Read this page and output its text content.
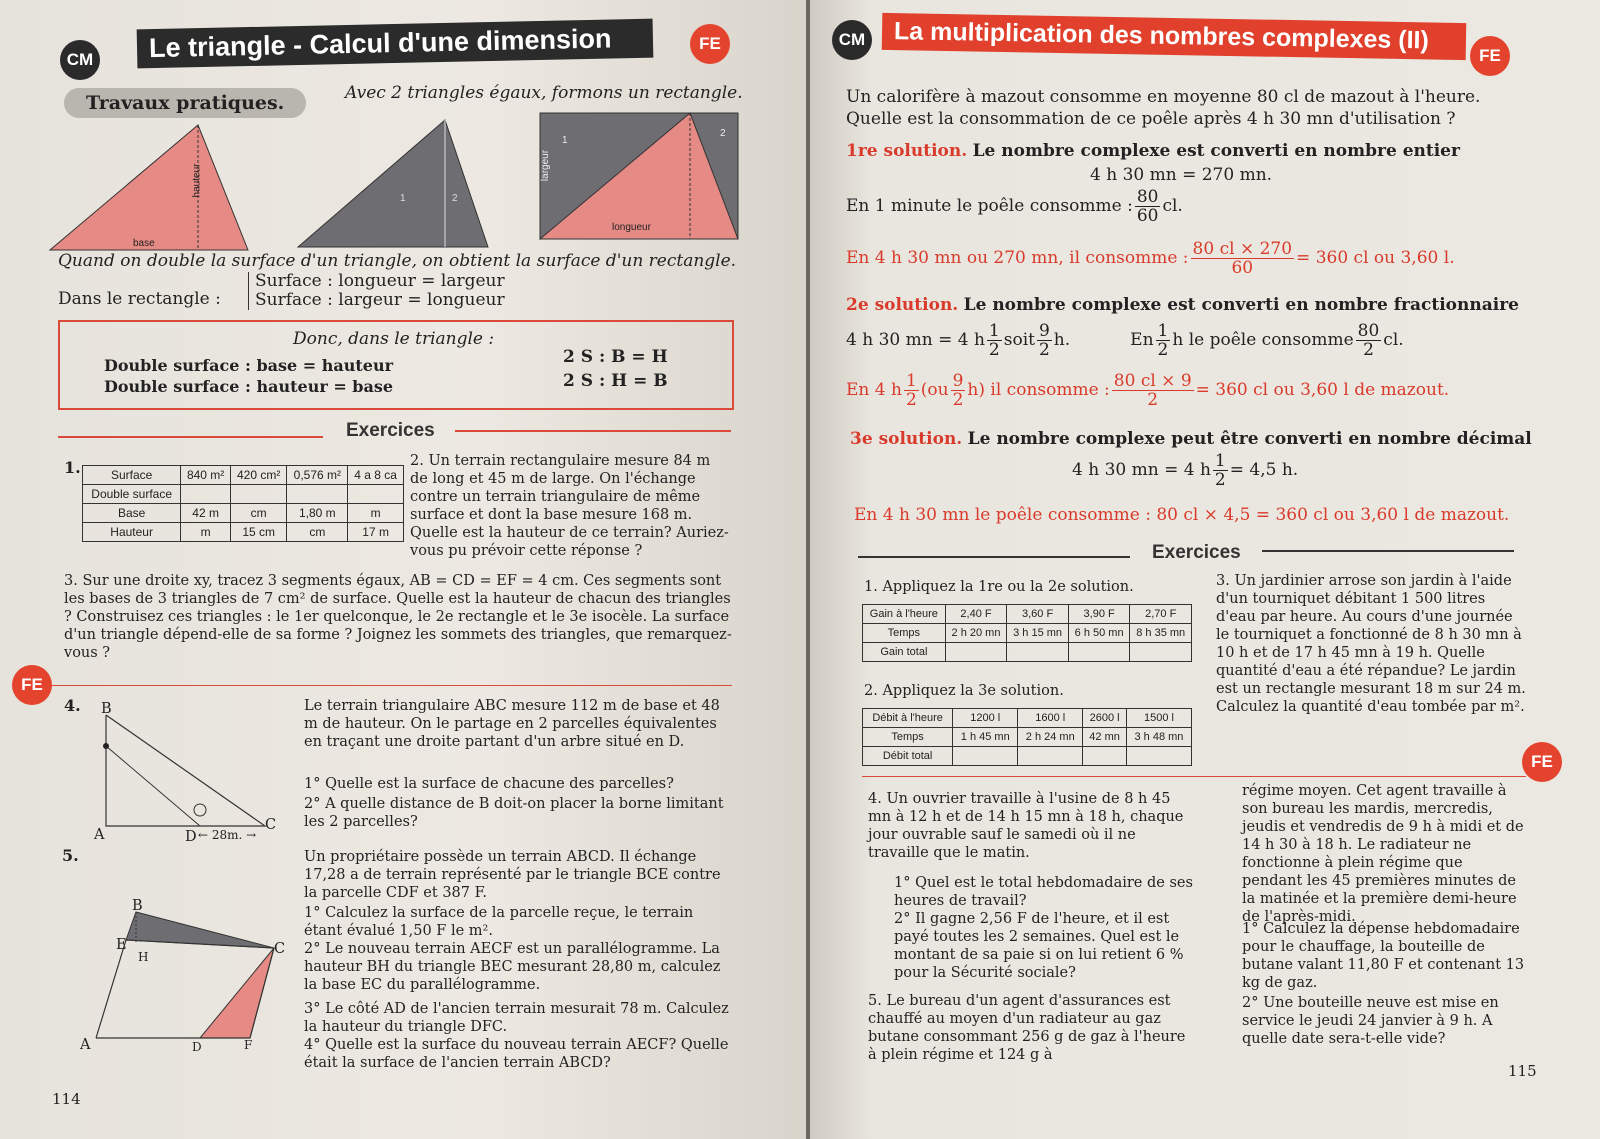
CM	Le triangle - Calcul d'une dimension	FE
Travaux pratiques.	Avec 2 triangles égaux, formons un rectangle.
hauteur
base
1	2
largeur
longueur
1
2
Quand on double la surface d'un triangle, on obtient la surface d'un rectangle.
Dans le rectangle :
Surface : longueur = largeur
Surface : largeur = longueur
Donc, dans le triangle :
Double surface : base = hauteur
Double surface : hauteur = base
2 S : B = H
2 S : H = B
Exercices
1.	Surface	840 m²	420 cm²	0,576 m²	4 a 8 ca
Double surface				
Base	42 m	cm	1,80 m	m
Hauteur	m	15 cm	cm	17 m
2. Un terrain rectangulaire mesure 84 m de long et 45 m de large. On l'échange contre un terrain triangulaire de même surface et dont la base mesure 168 m. Quelle est la hauteur de ce terrain? Auriez-vous pu prévoir cette réponse ?
3. Sur une droite xy, tracez 3 segments égaux, AB = CD = EF = 4 cm. Ces segments sont les bases de 3 triangles de 7 cm² de surface. Quelle est la hauteur de chacun des triangles ? Construisez ces triangles : le 1er quelconque, le 2e rectangle et le 3e isocèle. La surface d'un triangle dépend-elle de sa forme ? Joignez les sommets des triangles, que remarquez-vous ?
FE
4. B
A	D ← 28m. →
C
Le terrain triangulaire ABC mesure 112 m de base et 48 m de hauteur. On le partage en 2 parcelles équivalentes en traçant une droite partant d'un arbre situé en D.
1° Quelle est la surface de chacune des parcelles?
2° A quelle distance de B doit-on placer la borne limitant les 2 parcelles?
5.
B
E
H	C
A	D	F
Un propriétaire possède un terrain ABCD. Il échange 17,28 a de terrain représenté par le triangle BCE contre la parcelle CDF et 387 F.
1° Calculez la surface de la parcelle reçue, le terrain étant évalué 1,50 F le m².
2° Le nouveau terrain AECF est un parallélogramme. La hauteur BH du triangle BEC mesurant 28,80 m, calculez la base EC du parallélogramme.
3° Le côté AD de l'ancien terrain mesurait 78 m. Calculez la hauteur du triangle DFC.
4° Quelle est la surface du nouveau terrain AECF? Quelle était la surface de l'ancien terrain ABCD?
114
CM	La multiplication des nombres complexes (II)
FE
Un calorifère à mazout consomme en moyenne 80 cl de mazout à l'heure.
Quelle est la consommation de ce poêle après 4 h 30 mn d'utilisation ?
1re solution. Le nombre complexe est converti en nombre entier
4 h 30 mn = 270 mn.
En 1 minute le poêle consomme : $\frac{80}{60}$ cl.
En 4 h 30 mn ou 270 mn, il consomme : $\frac{80 cl \times 270}{60} = 360$ cl ou 3,60 l.
2e solution. Le nombre complexe est converti en nombre fractionnaire
4 h 30 mn = 4 h $\frac{1}{2}$ soit $\frac{9}{2} h$.	En $\frac{1}{2}$ h le poêle consomme $\frac{80}{2}$ cl.
En 4 h $\frac{1}{2} (ou \frac{9}{2} h)$ il consomme : $\frac{80 cl \times 9}{2} = 360$ cl ou 3,60 l de mazout.
3e solution. Le nombre complexe peut être converti en nombre décimal
4 h 30 mn = 4 h $\frac{1}{2} = 4,5$ h.
En 4 h 30 mn le poêle consomme : 80 cl × 4,5 = 360 cl ou 3,60 l de mazout.
Exercices
1. Appliquez la 1re ou la 2e solution.
Gain à l'heure	2,40 F	3,60 F	3,90 F	2,70 F
Temps	2 h 20 mn	3 h 15 mn	6 h 50 mn	8 h 35 mn
Gain total				
2. Appliquez la 3e solution.
Débit à l'heure	1200 l	1600 l	2600 l	1500 l
Temps	1 h 45 mn	2 h 24 mn	42 mn	3 h 48 mn
Débit total				
3. Un jardinier arrose son jardin à l'aide d'un tourniquet débitant 1 500 litres d'eau par heure. Au cours d'une journée le tourniquet a fonctionné de 8 h 30 mn à 10 h et de 17 h 45 mn à 19 h. Quelle quantité d'eau a été répandue? Le jardin est un rectangle mesurant 18 m sur 24 m. Calculez la quantité d'eau tombée par m².
FE
4. Un ouvrier travaille à l'usine de 8 h 45 mn à 12 h et de 14 h 15 mn à 18 h, chaque jour ouvrable sauf le samedi où il ne travaille que le matin.
1° Quel est le total hebdomadaire de ses heures de travail?
2° Il gagne 2,56 F de l'heure, et il est payé toutes les 2 semaines. Quel est le montant de sa paie si on lui retient 6 % pour la Sécurité sociale?
5. Le bureau d'un agent d'assurances est chauffé au moyen d'un radiateur au gaz butane consommant 256 g de gaz à l'heure à plein régime et 124 g à
régime moyen. Cet agent travaille à son bureau les mardis, mercredis, jeudis et vendredis de 9 h à midi et de 14 h 30 à 18 h. Le radiateur ne fonctionne à plein régime que pendant les 45 premières minutes de la matinée et la première demi-heure de l'après-midi.
1° Calculez la dépense hebdomadaire pour le chauffage, la bouteille de butane valant 11,80 F et contenant 13 kg de gaz.
2° Une bouteille neuve est mise en service le jeudi 24 janvier à 9 h. A quelle date sera-t-elle vide?
115
